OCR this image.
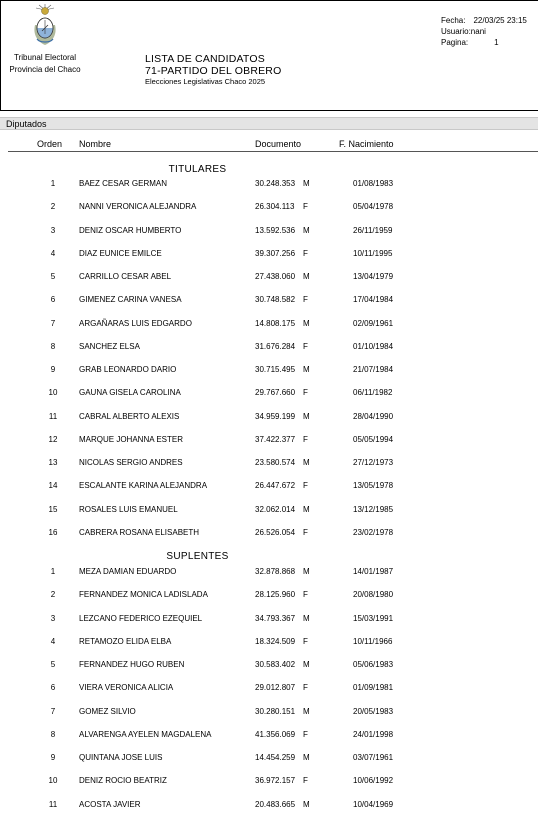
Tribunal Electoral
Provincia del Chaco
LISTA DE CANDIDATOS
71-PARTIDO DEL OBRERO
Elecciones Legislativas Chaco 2025
Fecha: 22/03/25 23:15
Usuario: nani
Pagina:	1
Diputados
Orden Nombre	Documento	F. Nacimiento
TITULARES
1	BAEZ CESAR GERMAN	30.248.353 M	01/08/1983
2	NANNI VERONICA ALEJANDRA	26.304.113 F	05/04/1978
3	DENIZ OSCAR HUMBERTO	13.592.536 M	26/11/1959
4	DIAZ EUNICE EMILCE	39.307.256 F	10/11/1995
5	CARRILLO CESAR ABEL	27.438.060 M	13/04/1979
6	GIMENEZ CARINA VANESA	30.748.582 F	17/04/1984
7	ARGAÑARAS LUIS EDGARDO	14.808.175 M	02/09/1961
8	SANCHEZ ELSA	31.676.284 F	01/10/1984
9	GRAB LEONARDO DARIO	30.715.495 M	21/07/1984
10	GAUNA GISELA CAROLINA	29.767.660 F	06/11/1982
11	CABRAL ALBERTO ALEXIS	34.959.199 M	28/04/1990
12	MARQUE JOHANNA ESTER	37.422.377 F	05/05/1994
13	NICOLAS SERGIO ANDRES	23.580.574 M	27/12/1973
14	ESCALANTE KARINA ALEJANDRA	26.447.672 F	13/05/1978
15	ROSALES LUIS EMANUEL	32.062.014 M	13/12/1985
16	CABRERA ROSANA ELISABETH	26.526.054 F	23/02/1978
SUPLENTES
1	MEZA DAMIAN EDUARDO	32.878.868 M	14/01/1987
2	FERNANDEZ MONICA LADISLADA	28.125.960 F	20/08/1980
3	LEZCANO FEDERICO EZEQUIEL	34.793.367 M	15/03/1991
4	RETAMOZO ELIDA ELBA	18.324.509 F	10/11/1966
5	FERNANDEZ HUGO RUBEN	30.583.402 M	05/06/1983
6	VIERA VERONICA ALICIA	29.012.807 F	01/09/1981
7	GOMEZ SILVIO	30.280.151 M	20/05/1983
8	ALVARENGA AYELEN MAGDALENA	41.356.069 F	24/01/1998
9	QUINTANA JOSE LUIS	14.454.259 M	03/07/1961
10	DENIZ ROCIO BEATRIZ	36.972.157 F	10/06/1992
11	ACOSTA JAVIER	20.483.665 M	10/04/1969
